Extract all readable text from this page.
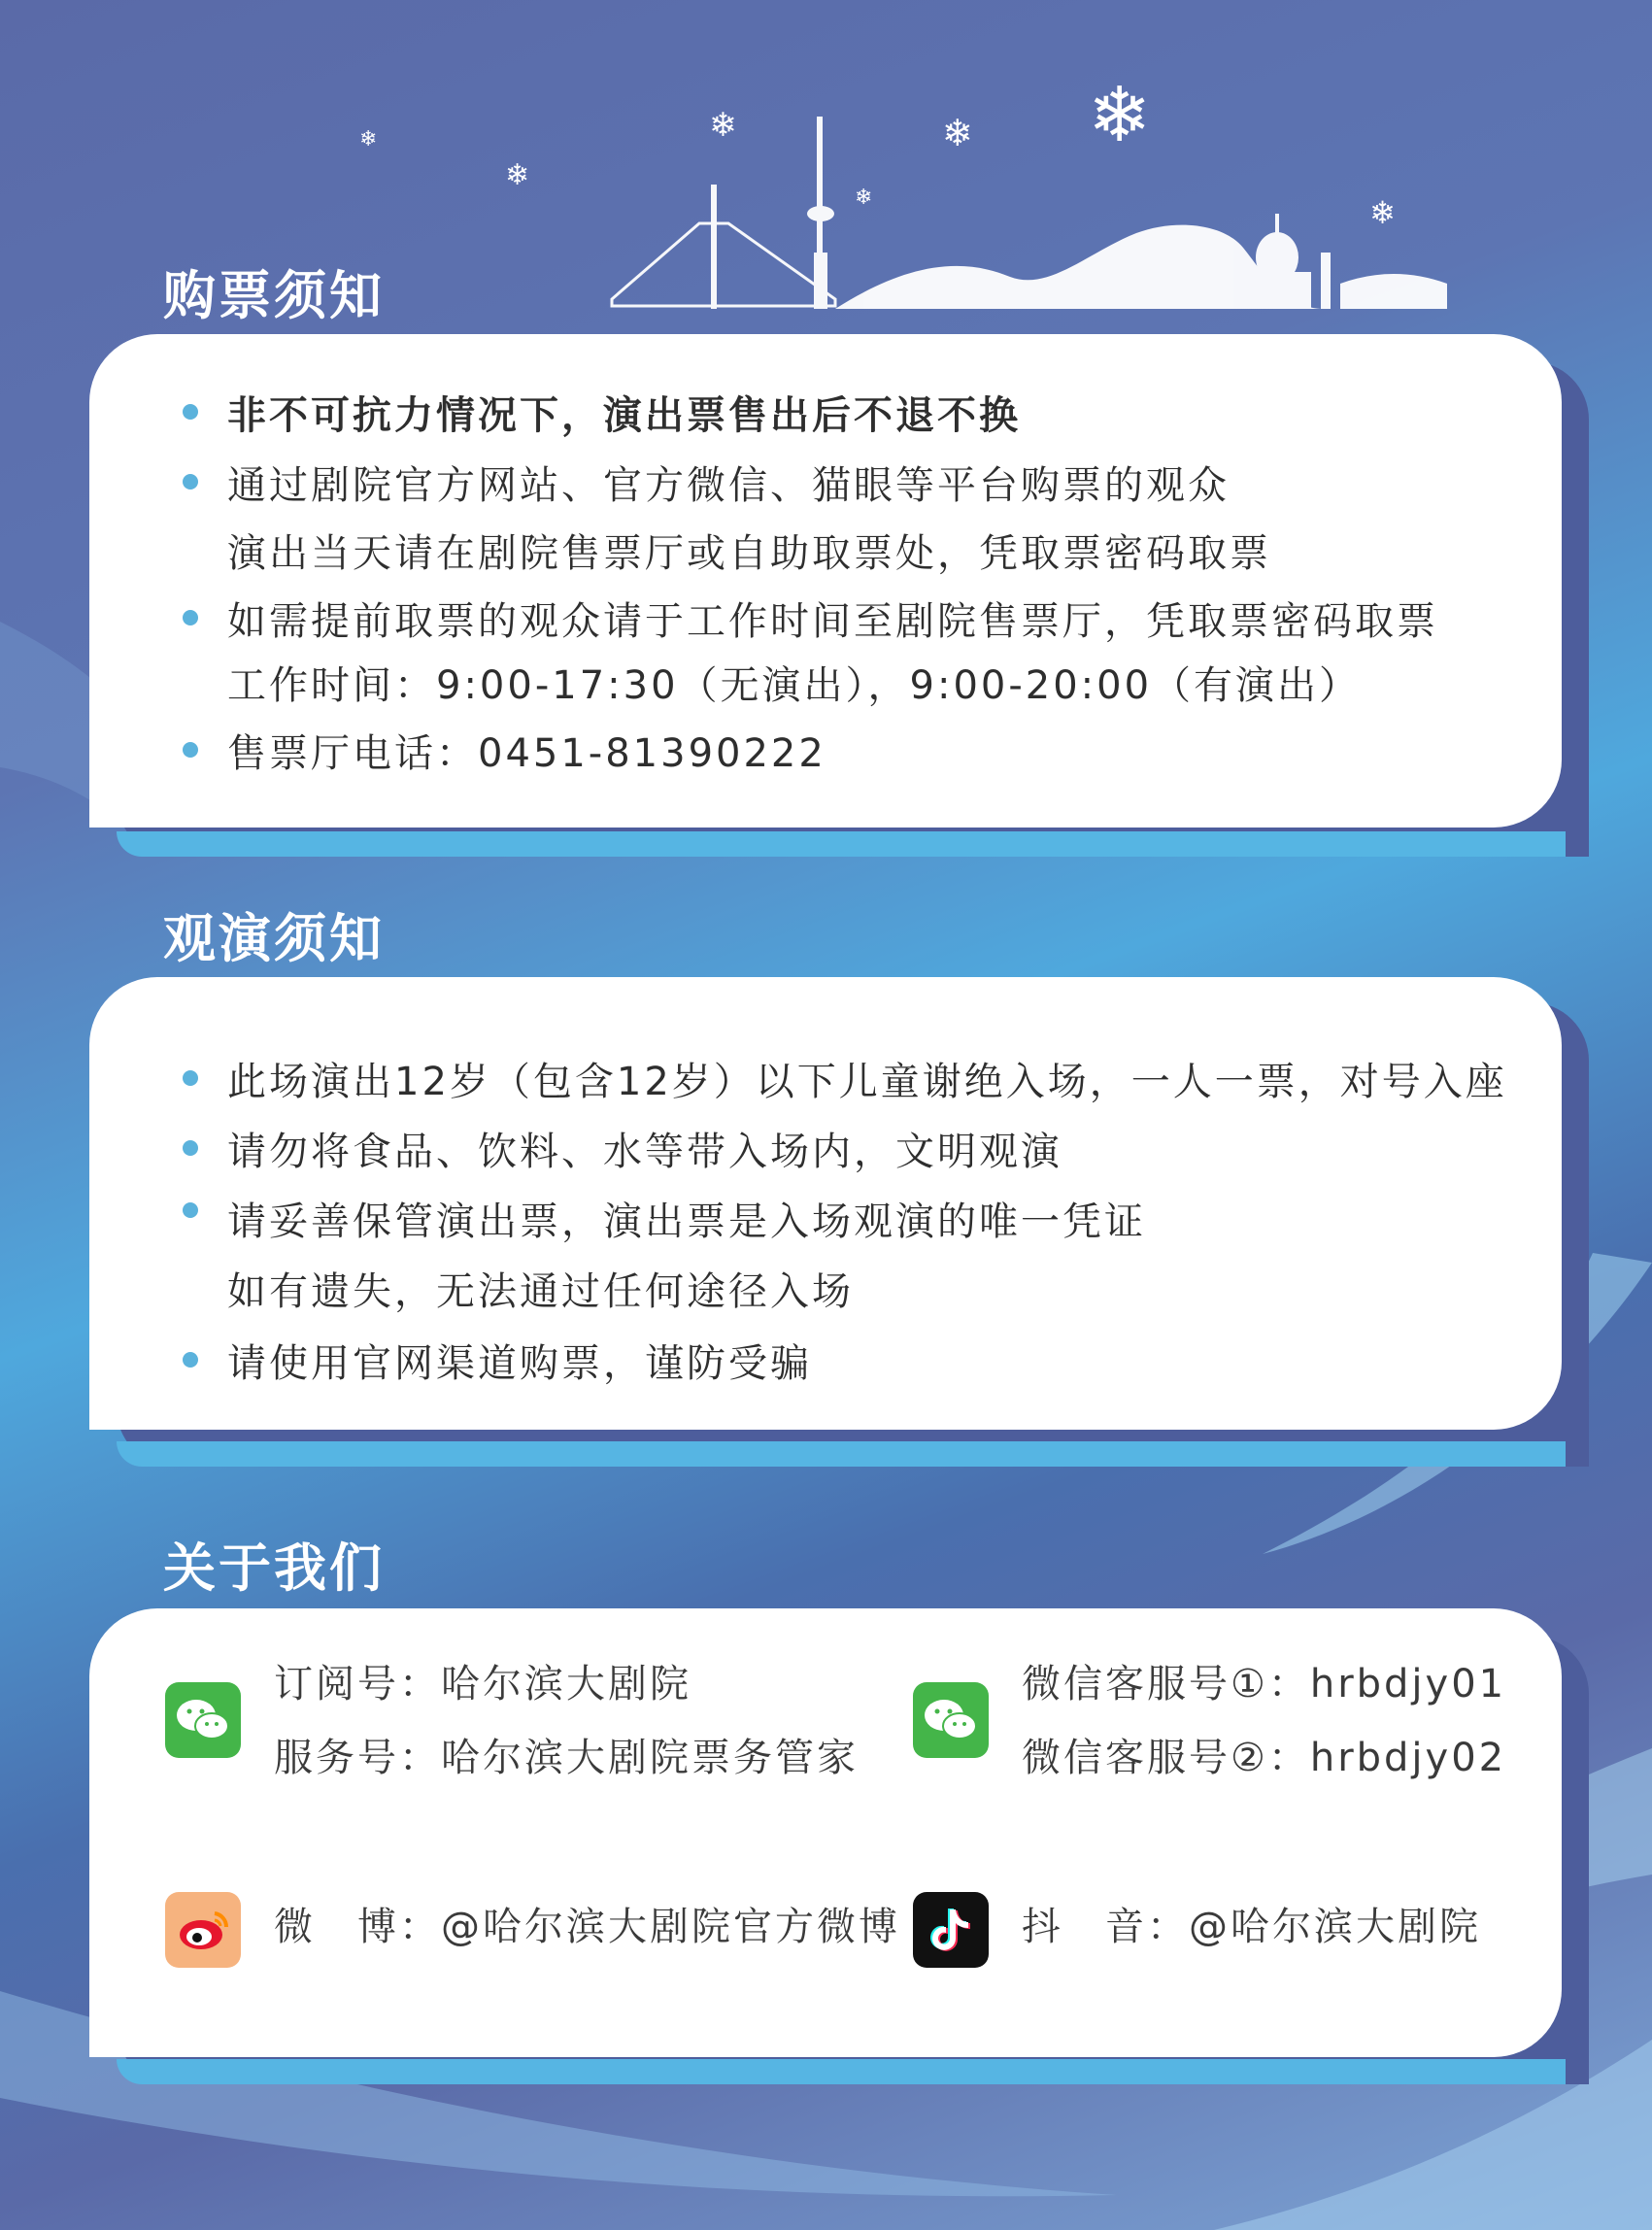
❄
❄	❄	❄
❄	❄
❄
购票须知
非不可抗力情况下，演出票售出后不退不换
通过剧院官方网站、官方微信、猫眼等平台购票的观众
演出当天请在剧院售票厅或自助取票处，凭取票密码取票
如需提前取票的观众请于工作时间至剧院售票厅，凭取票密码取票
工作时间：9:00-17:30（无演出），9:00-20:00（有演出）
售票厅电话：0451-81390222
观演须知
此场演出12岁（包含12岁）以下儿童谢绝入场，一人一票，对号入座
请勿将食品、饮料、水等带入场内，文明观演
请妥善保管演出票，演出票是入场观演的唯一凭证
如有遗失，无法通过任何途径入场
请使用官网渠道购票，谨防受骗
关于我们
订阅号：哈尔滨大剧院
服务号：哈尔滨大剧院票务管家
微信客服号①：hrbdjy01
微信客服号②：hrbdjy02
微　博：@哈尔滨大剧院官方微博	抖　音：@哈尔滨大剧院
